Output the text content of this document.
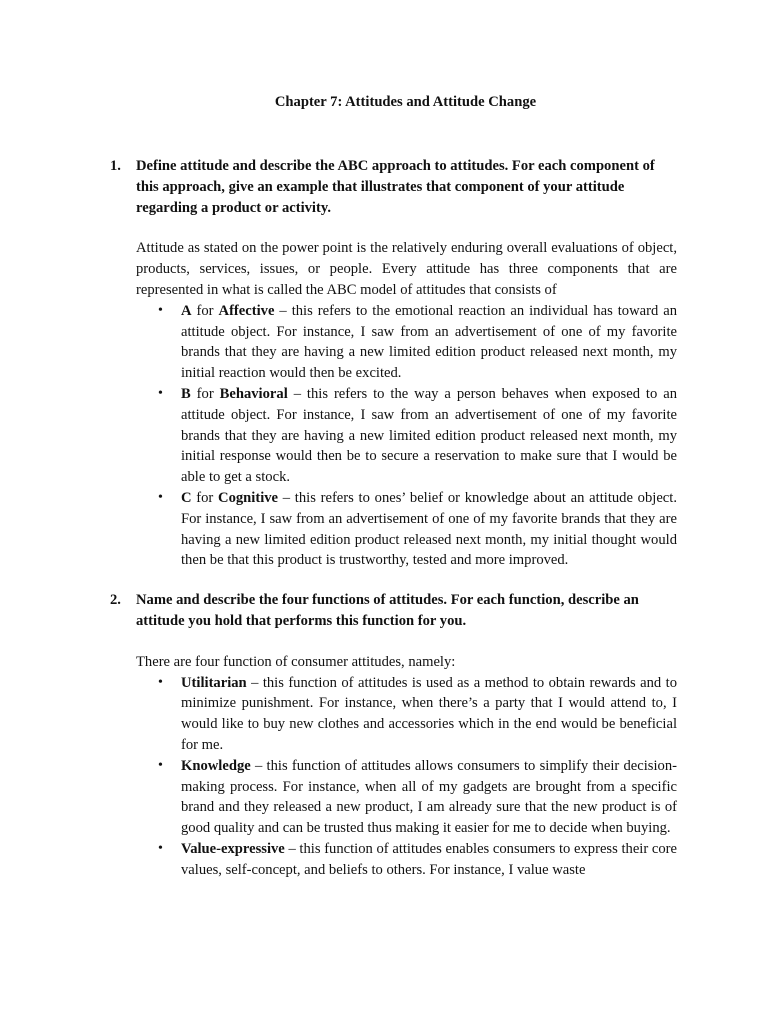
Chapter 7: Attitudes and Attitude Change
1. Define attitude and describe the ABC approach to attitudes. For each component of this approach, give an example that illustrates that component of your attitude regarding a product or activity.

Attitude as stated on the power point is the relatively enduring overall evaluations of object, products, services, issues, or people. Every attitude has three components that are represented in what is called the ABC model of attitudes that consists of

• A for Affective – this refers to the emotional reaction an individual has toward an attitude object. For instance, I saw from an advertisement of one of my favorite brands that they are having a new limited edition product released next month, my initial reaction would then be excited.
• B for Behavioral – this refers to the way a person behaves when exposed to an attitude object. For instance, I saw from an advertisement of one of my favorite brands that they are having a new limited edition product released next month, my initial response would then be to secure a reservation to make sure that I would be able to get a stock.
• C for Cognitive – this refers to ones’ belief or knowledge about an attitude object. For instance, I saw from an advertisement of one of my favorite brands that they are having a new limited edition product released next month, my initial thought would then be that this product is trustworthy, tested and more improved.
2. Name and describe the four functions of attitudes. For each function, describe an attitude you hold that performs this function for you.

There are four function of consumer attitudes, namely:

• Utilitarian – this function of attitudes is used as a method to obtain rewards and to minimize punishment. For instance, when there’s a party that I would attend to, I would like to buy new clothes and accessories which in the end would be beneficial for me.
• Knowledge – this function of attitudes allows consumers to simplify their decision-making process. For instance, when all of my gadgets are brought from a specific brand and they released a new product, I am already sure that the new product is of good quality and can be trusted thus making it easier for me to decide when buying.
• Value-expressive – this function of attitudes enables consumers to express their core values, self-concept, and beliefs to others. For instance, I value waste
